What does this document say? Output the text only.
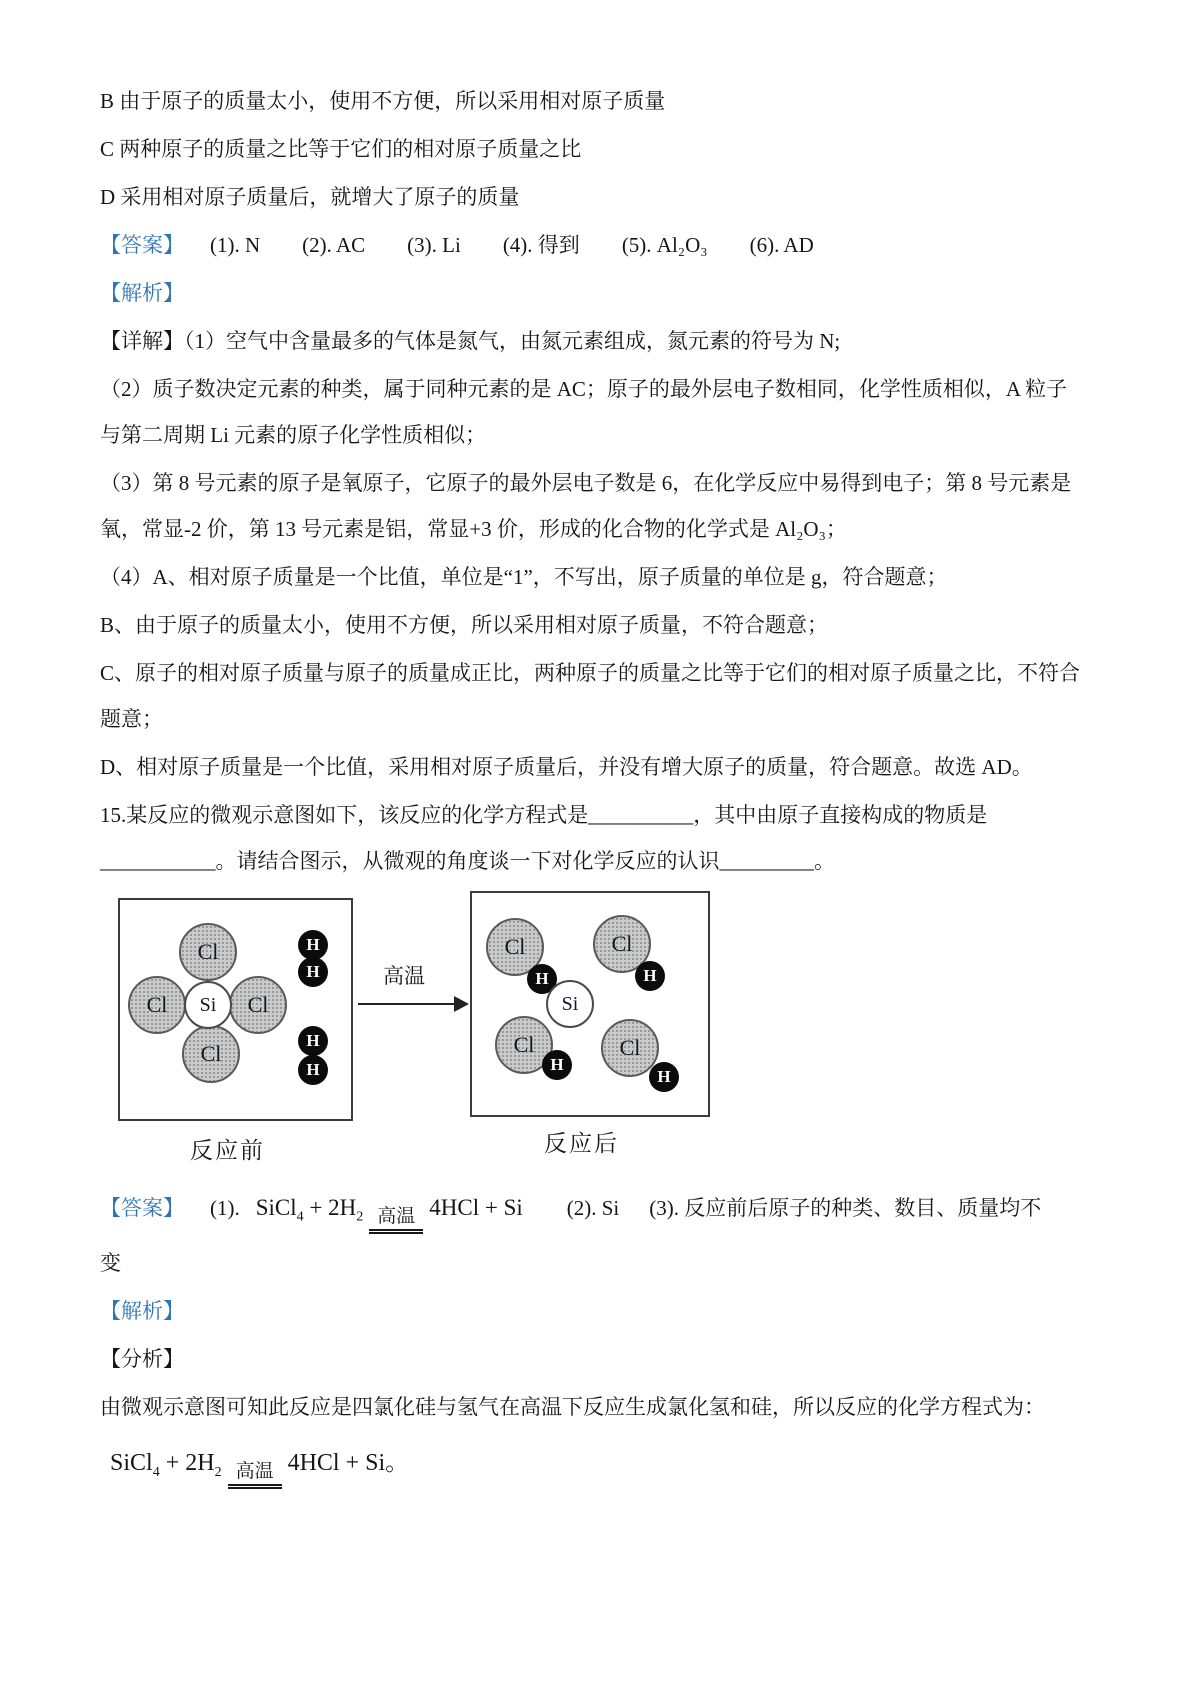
B 由于原子的质量太小，使用不方便，所以采用相对原子质量

C 两种原子的质量之比等于它们的相对原子质量之比

D 采用相对原子质量后，就增大了原子的质量

【答案】 (1). N (2). AC (3). Li (4). 得到 (5). Al₂O₃ (6). AD

【解析】

【详解】（1）空气中含量最多的气体是氮气，由氮元素组成，氮元素的符号为 N;

（2）质子数决定元素的种类，属于同种元素的是 AC；原子的最外层电子数相同，化学性质相似，A 粒子
与第二周期 Li 元素的原子化学性质相似；

（3）第 8 号元素的原子是氧原子，它原子的最外层电子数是 6，在化学反应中易得到电子；第 8 号元素是
氧，常显-2 价，第 13 号元素是铝，常显+3 价，形成的化合物的化学式是 Al₂O₃；

（4）A、相对原子质量是一个比值，单位是“1”，不写出，原子质量的单位是 g，符合题意；

B、由于原子的质量太小，使用不方便，所以采用相对原子质量，不符合题意；

C、原子的相对原子质量与原子的质量成正比，两种原子的质量之比等于它们的相对原子质量之比，不符合
题意；

D、相对原子质量是一个比值，采用相对原子质量后，并没有增大原子的质量，符合题意。故选 AD。

15.某反应的微观示意图如下，该反应的化学方程式是__________，其中由原子直接构成的物质是
___________。请结合图示，从微观的角度谈一下对化学反应的认识_________。

Cl
Cl	Cl
Cl
Si
H
H
H
H
高温
Cl
H
Cl
H
Si
Cl
H
Cl
H
反应前	反应后

【答案】 (1). SiCl$_4$ + $2H_2$ 高温 4HCl + Si (2). Si (3). 反应前后原子的种类、数目、质量均不

变

【解析】

【分析】

由微观示意图可知此反应是四氯化硅与氢气在高温下反应生成氯化氢和硅，所以反应的化学方程式为：

SiCl$_4$ + $2H_2$ 高温 4HCl + Si。
